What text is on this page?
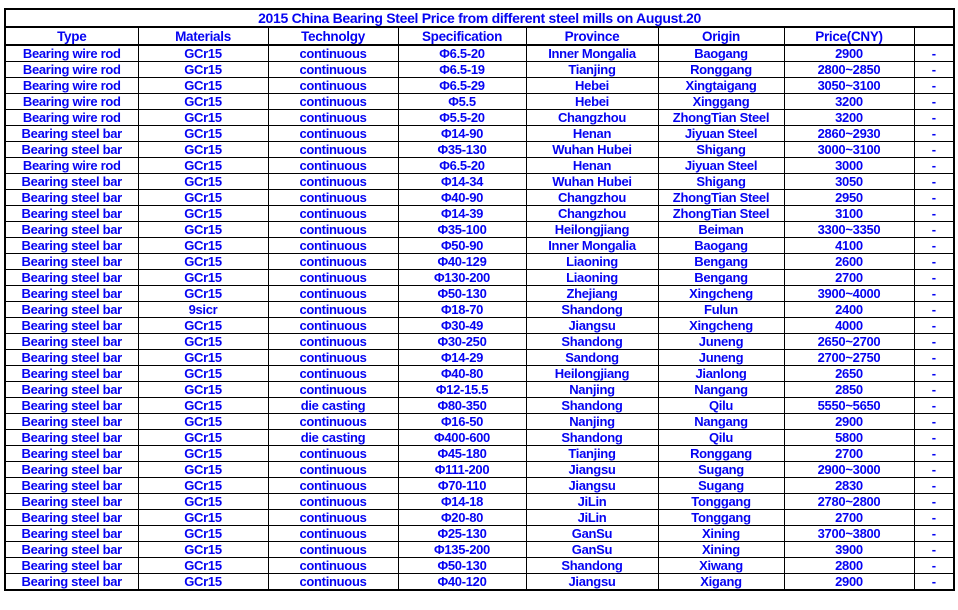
2015 China Bearing Steel Price from different steel mills on August.20							
Type	Materials	Technolgy	Specification	Province	Origin	Price(CNY)	
Bearing wire rod	GCr15	continuous	Φ6.5-20	Inner Mongalia	Baogang	2900	-
Bearing wire rod	GCr15	continuous	Φ6.5-19	Tianjing	Ronggang	2800~2850	-
Bearing wire rod	GCr15	continuous	Φ6.5-29	Hebei	Xingtaigang	3050~3100	-
Bearing wire rod	GCr15	continuous	Φ5.5	Hebei	Xinggang	3200	-
Bearing wire rod	GCr15	continuous	Φ5.5-20	Changzhou	ZhongTian Steel	3200	-
Bearing steel bar	GCr15	continuous	Φ14-90	Henan	Jiyuan Steel	2860~2930	-
Bearing steel bar	GCr15	continuous	Φ35-130	Wuhan Hubei	Shigang	3000~3100	-
Bearing wire rod	GCr15	continuous	Φ6.5-20	Henan	Jiyuan Steel	3000	-
Bearing steel bar	GCr15	continuous	Φ14-34	Wuhan Hubei	Shigang	3050	-
Bearing steel bar	GCr15	continuous	Φ40-90	Changzhou	ZhongTian Steel	2950	-
Bearing steel bar	GCr15	continuous	Φ14-39	Changzhou	ZhongTian Steel	3100	-
Bearing steel bar	GCr15	continuous	Φ35-100	Heilongjiang	Beiman	3300~3350	-
Bearing steel bar	GCr15	continuous	Φ50-90	Inner Mongalia	Baogang	4100	-
Bearing steel bar	GCr15	continuous	Φ40-129	Liaoning	Bengang	2600	-
Bearing steel bar	GCr15	continuous	Φ130-200	Liaoning	Bengang	2700	-
Bearing steel bar	GCr15	continuous	Φ50-130	Zhejiang	Xingcheng	3900~4000	-
Bearing steel bar	9sicr	continuous	Φ18-70	Shandong	Fulun	2400	-
Bearing steel bar	GCr15	continuous	Φ30-49	Jiangsu	Xingcheng	4000	-
Bearing steel bar	GCr15	continuous	Φ30-250	Shandong	Juneng	2650~2700	-
Bearing steel bar	GCr15	continuous	Φ14-29	Sandong	Juneng	2700~2750	-
Bearing steel bar	GCr15	continuous	Φ40-80	Heilongjiang	Jianlong	2650	-
Bearing steel bar	GCr15	continuous	Φ12-15.5	Nanjing	Nangang	2850	-
Bearing steel bar	GCr15	die casting	Φ80-350	Shandong	Qilu	5550~5650	-
Bearing steel bar	GCr15	continuous	Φ16-50	Nanjing	Nangang	2900	-
Bearing steel bar	GCr15	die casting	Φ400-600	Shandong	Qilu	5800	-
Bearing steel bar	GCr15	continuous	Φ45-180	Tianjing	Ronggang	2700	-
Bearing steel bar	GCr15	continuous	Φ111-200	Jiangsu	Sugang	2900~3000	-
Bearing steel bar	GCr15	continuous	Φ70-110	Jiangsu	Sugang	2830	-
Bearing steel bar	GCr15	continuous	Φ14-18	JiLin	Tonggang	2780~2800	-
Bearing steel bar	GCr15	continuous	Φ20-80	JiLin	Tonggang	2700	-
Bearing steel bar	GCr15	continuous	Φ25-130	GanSu	Xining	3700~3800	-
Bearing steel bar	GCr15	continuous	Φ135-200	GanSu	Xining	3900	-
Bearing steel bar	GCr15	continuous	Φ50-130	Shandong	Xiwang	2800	-
Bearing steel bar	GCr15	continuous	Φ40-120	Jiangsu	Xigang	2900	-
